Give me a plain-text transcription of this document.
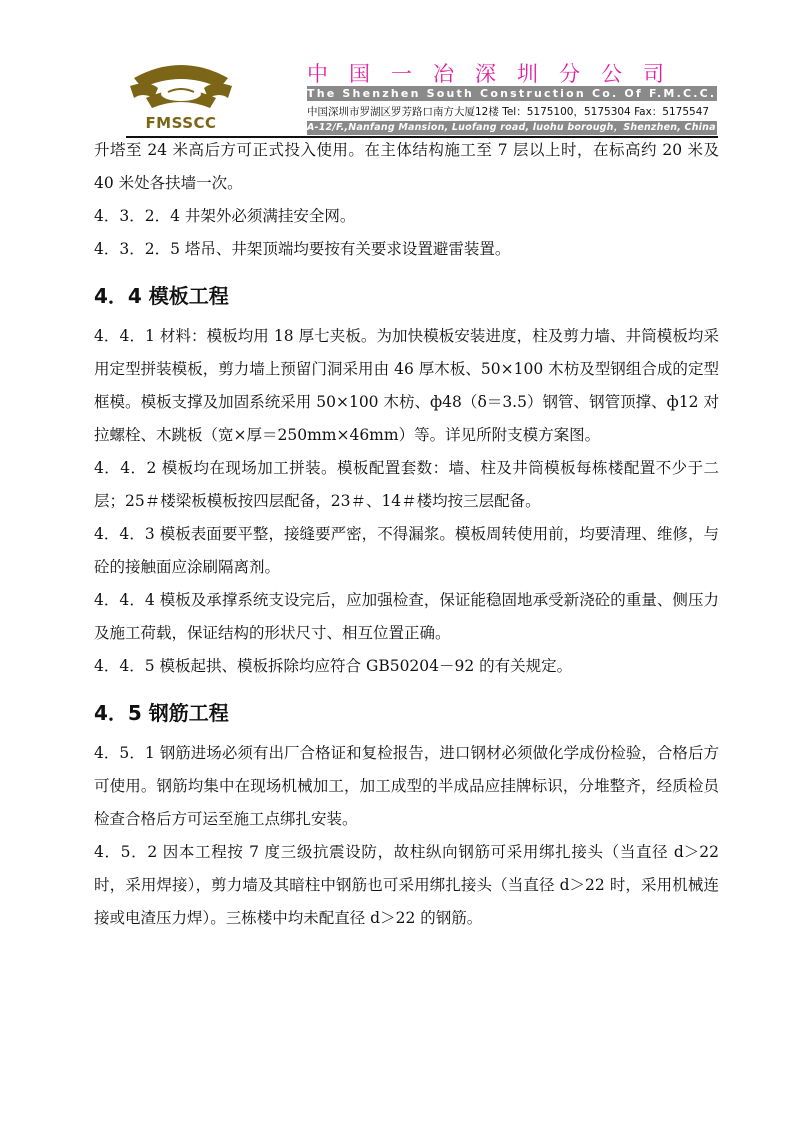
FMSSCC
中国一冶深圳分公司
The Shenzhen South Construction Co. Of F.M.C.C.
中国深圳市罗湖区罗芳路口南方大厦12楼 Tel：5175100，5175304 Fax：5175547
A-12/F.,Nanfang Mansion, Luofang road, luohu borough，Shenzhen, China

升塔至 24 米高后方可正式投入使用。在主体结构施工至 7 层以上时，在标高约 20 米及 40 米处各扶墙一次。

4．3．2．4 井架外必须满挂安全网。

4．3．2．5 塔吊、井架顶端均要按有关要求设置避雷装置。

4．4 模板工程

4．4．1 材料：模板均用 18 厚七夹板。为加快模板安装进度，柱及剪力墙、井筒模板均采用定型拼装模板，剪力墙上预留门洞采用由 46 厚木板、50×100 木枋及型钢组合成的定型框模。模板支撑及加固系统采用 50×100 木枋、ф48（δ＝3.5）钢管、钢管顶撑、ф12 对拉螺栓、木跳板（宽×厚＝250mm×46mm）等。详见所附支模方案图。

4．4．2 模板均在现场加工拼装。模板配置套数：墙、柱及井筒模板每栋楼配置不少于二层；25＃楼梁板模板按四层配备，23＃、14＃楼均按三层配备。

4．4．3 模板表面要平整，接缝要严密，不得漏浆。模板周转使用前，均要清理、维修，与砼的接触面应涂刷隔离剂。

4．4．4 模板及承撑系统支设完后，应加强检查，保证能稳固地承受新浇砼的重量、侧压力及施工荷载，保证结构的形状尺寸、相互位置正确。

4．4．5 模板起拱、模板拆除均应符合 GB50204－92 的有关规定。

4．5 钢筋工程

4．5．1 钢筋进场必须有出厂合格证和复检报告，进口钢材必须做化学成份检验，合格后方可使用。钢筋均集中在现场机械加工，加工成型的半成品应挂牌标识，分堆整齐，经质检员检查合格后方可运至施工点绑扎安装。

4．5．2 因本工程按 7 度三级抗震设防，故柱纵向钢筋可采用绑扎接头（当直径 d＞22 时，采用焊接），剪力墙及其暗柱中钢筋也可采用绑扎接头（当直径 d＞22 时，采用机械连接或电渣压力焊）。三栋楼中均未配直径 d＞22 的钢筋。
